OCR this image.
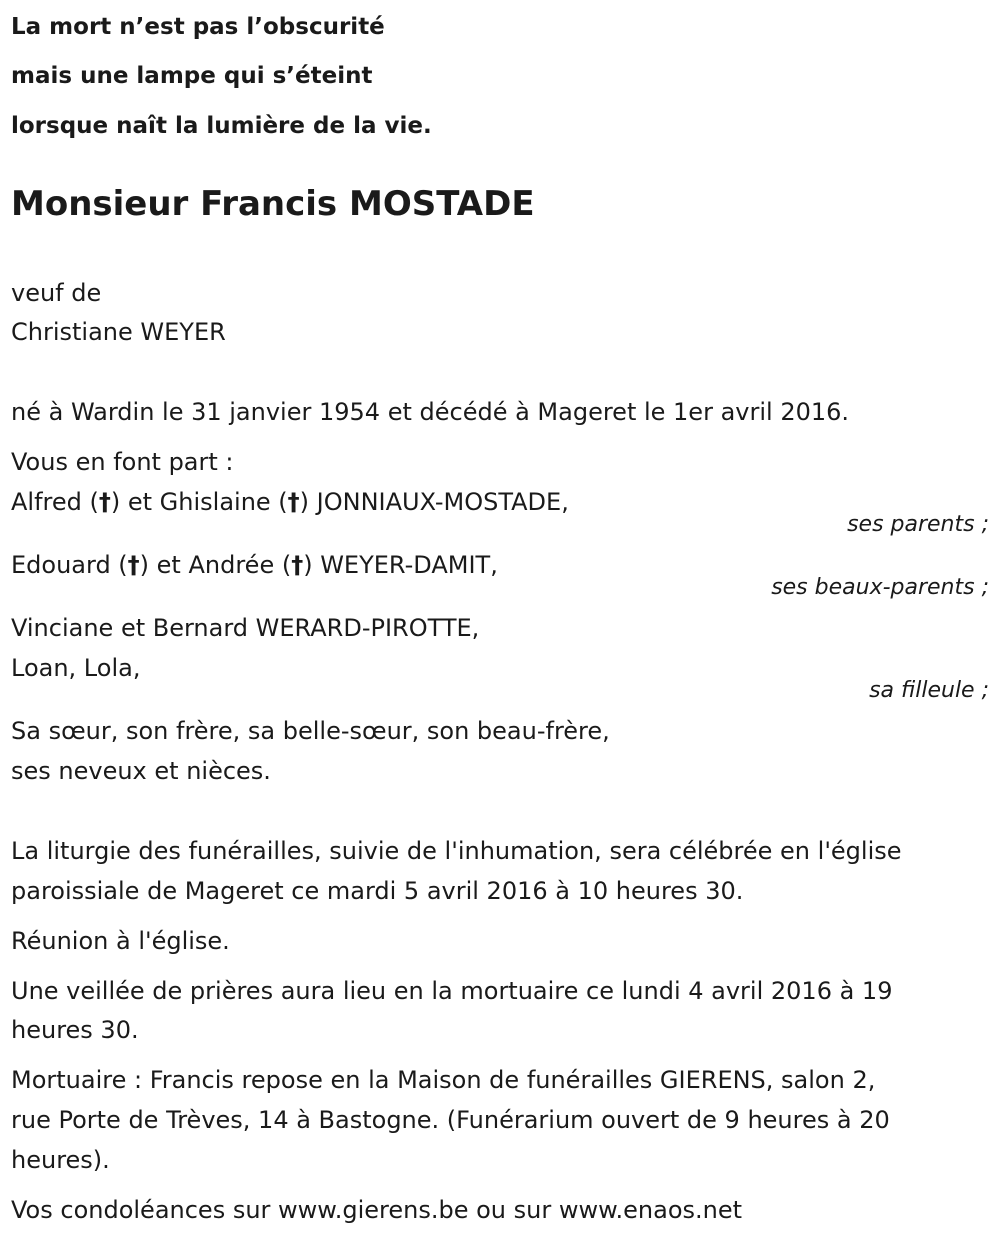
La mort n’est pas l’obscurité
mais une lampe qui s’éteint
lorsque naît la lumière de la vie.
Monsieur Francis MOSTADE
veuf de
Christiane WEYER
né à Wardin le 31 janvier 1954 et décédé à Mageret le 1er avril 2016.
Vous en font part :
Alfred (†) et Ghislaine (†) JONNIAUX-MOSTADE,
ses parents ;
Edouard (†) et Andrée (†) WEYER-DAMIT,
ses beaux-parents ;
Vinciane et Bernard WERARD-PIROTTE,
Loan, Lola,
sa filleule ;
Sa sœur, son frère, sa belle-sœur, son beau-frère,
ses neveux et nièces.
La liturgie des funérailles, suivie de l'inhumation, sera célébrée en l'église
paroissiale de Mageret ce mardi 5 avril 2016 à 10 heures 30.
Réunion à l'église.
Une veillée de prières aura lieu en la mortuaire ce lundi 4 avril 2016 à 19
heures 30.
Mortuaire : Francis repose en la Maison de funérailles GIERENS, salon 2,
rue Porte de Trèves, 14 à Bastogne. (Funérarium ouvert de 9 heures à 20
heures).
Vos condoléances sur www.gierens.be ou sur www.enaos.net
